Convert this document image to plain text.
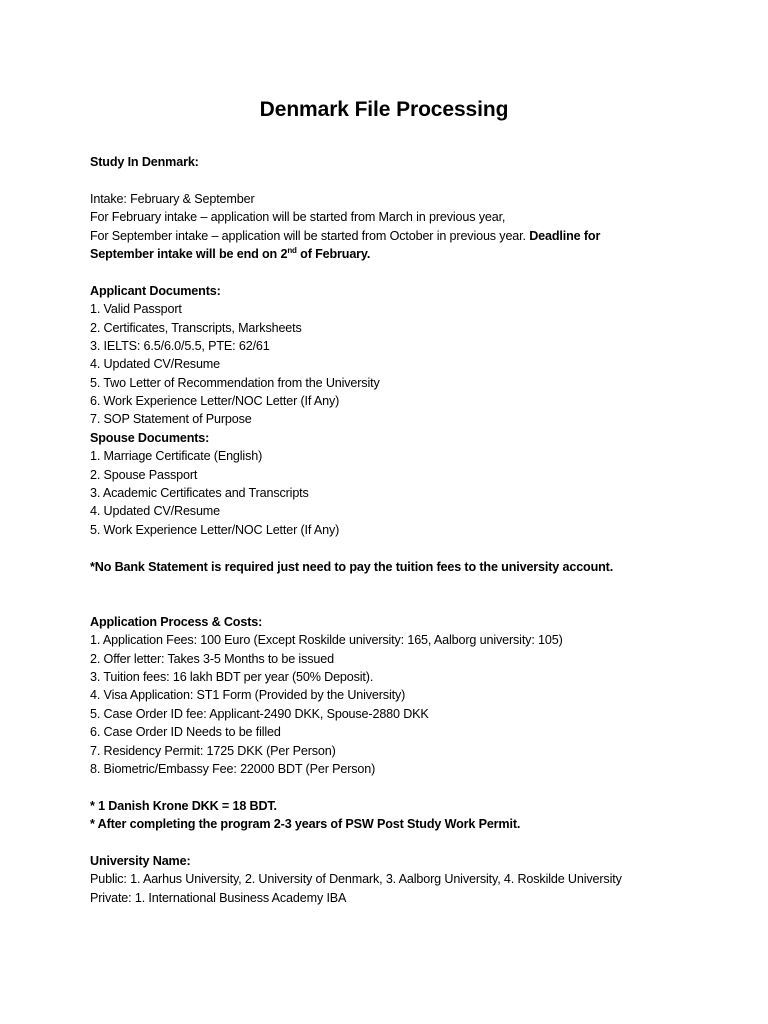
Denmark File Processing
Study In Denmark:
Intake: February & September
For February intake – application will be started from March in previous year,
For September intake – application will be started from October in previous year. Deadline for
September intake will be end on 2nd of February.
Applicant Documents:
1. Valid Passport
2. Certificates, Transcripts, Marksheets
3. IELTS: 6.5/6.0/5.5, PTE: 62/61
4. Updated CV/Resume
5. Two Letter of Recommendation from the University
6. Work Experience Letter/NOC Letter (If Any)
7. SOP Statement of Purpose
Spouse Documents:
1. Marriage Certificate (English)
2. Spouse Passport
3. Academic Certificates and Transcripts
4. Updated CV/Resume
5. Work Experience Letter/NOC Letter (If Any)
*No Bank Statement is required just need to pay the tuition fees to the university account.
Application Process & Costs:
1. Application Fees: 100 Euro (Except Roskilde university: 165, Aalborg university: 105)
2. Offer letter: Takes 3-5 Months to be issued
3. Tuition fees: 16 lakh BDT per year (50% Deposit).
4. Visa Application: ST1 Form (Provided by the University)
5. Case Order ID fee: Applicant-2490 DKK, Spouse-2880 DKK
6. Case Order ID Needs to be filled
7. Residency Permit: 1725 DKK (Per Person)
8. Biometric/Embassy Fee: 22000 BDT (Per Person)
* 1 Danish Krone DKK = 18 BDT.
* After completing the program 2-3 years of PSW Post Study Work Permit.
University Name:
Public: 1. Aarhus University, 2. University of Denmark, 3. Aalborg University, 4. Roskilde University
Private: 1. International Business Academy IBA
